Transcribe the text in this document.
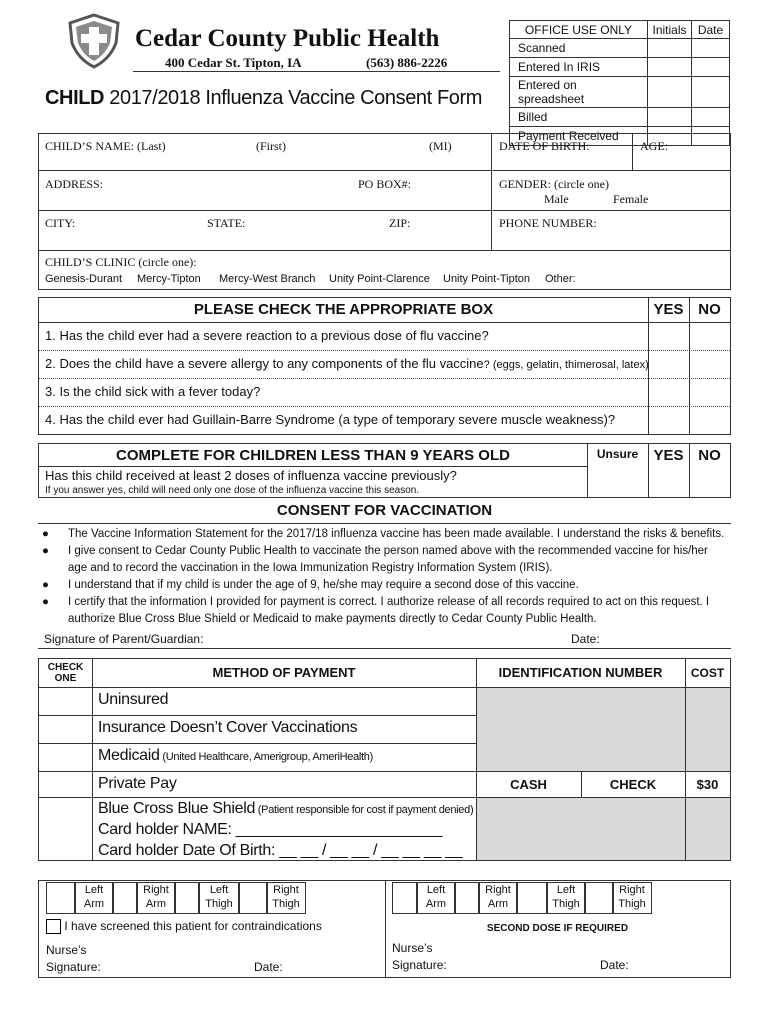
Cedar County Public Health
400 Cedar St. Tipton, IA	(563) 886-2226
CHILD 2017/2018 Influenza Vaccine Consent Form
OFFICE USE ONLY	Initials	Date
Scanned		
Entered In IRIS		
Entered on spreadsheet		
Billed		
Payment Received		
CHILD’S NAME: (Last)	(First)	(MI)	DATE OF BIRTH:	AGE:
ADDRESS:	PO BOX#:	GENDER: (circle one)
Male	Female
CITY:	STATE:	ZIP:	PHONE NUMBER:
CHILD’S CLINIC (circle one):
Genesis-Durant Mercy-Tipton Mercy-West Branch Unity Point-Clarence Unity Point-Tipton Other:
PLEASE CHECK THE APPROPRIATE BOX	YES NO
1. Has the child ever had a severe reaction to a previous dose of flu vaccine?
2. Does the child have a severe allergy to any components of the flu vaccine? (eggs, gelatin, thimerosal, latex)
3. Is the child sick with a fever today?
4. Has the child ever had Guillain-Barre Syndrome (a type of temporary severe muscle weakness)?
COMPLETE FOR CHILDREN LESS THAN 9 YEARS OLD	Unsure	YES NO
Has this child received at least 2 doses of influenza vaccine previously?
If you answer yes, child will need only one dose of the influenza vaccine this season.
CONSENT FOR VACCINATION
● The Vaccine Information Statement for the 2017/18 influenza vaccine has been made available. I understand the risks & benefits.
● I give consent to Cedar County Public Health to vaccinate the person named above with the recommended vaccine for his/her age and to record the vaccination in the Iowa Immunization Registry Information System (IRIS).
● I understand that if my child is under the age of 9, he/she may require a second dose of this vaccine.
● I certify that the information I provided for payment is correct. I authorize release of all records required to act on this request. I authorize Blue Cross Blue Shield or Medicaid to make payments directly to Cedar County Public Health.
Signature of Parent/Guardian:	Date:
CHECK ONE	METHOD OF PAYMENT	IDENTIFICATION NUMBER	COST
Uninsured
Insurance Doesn’t Cover Vaccinations
Medicaid (United Healthcare, Amerigroup, AmeriHealth)
Private Pay	CASH	CHECK	$30
Blue Cross Blue Shield (Patient responsible for cost if payment denied)
Card holder NAME: ________________________
Card holder Date Of Birth: __ __ / __ __ / __ __ __ __
Left Arm
Right Arm
Left Thigh
Right Thigh
I have screened this patient for contraindications
Nurse’s
Signature:	Date:
Left Arm
Right Arm
Left Thigh
Right Thigh
SECOND DOSE IF REQUIRED
Nurse’s
Signature:	Date:
